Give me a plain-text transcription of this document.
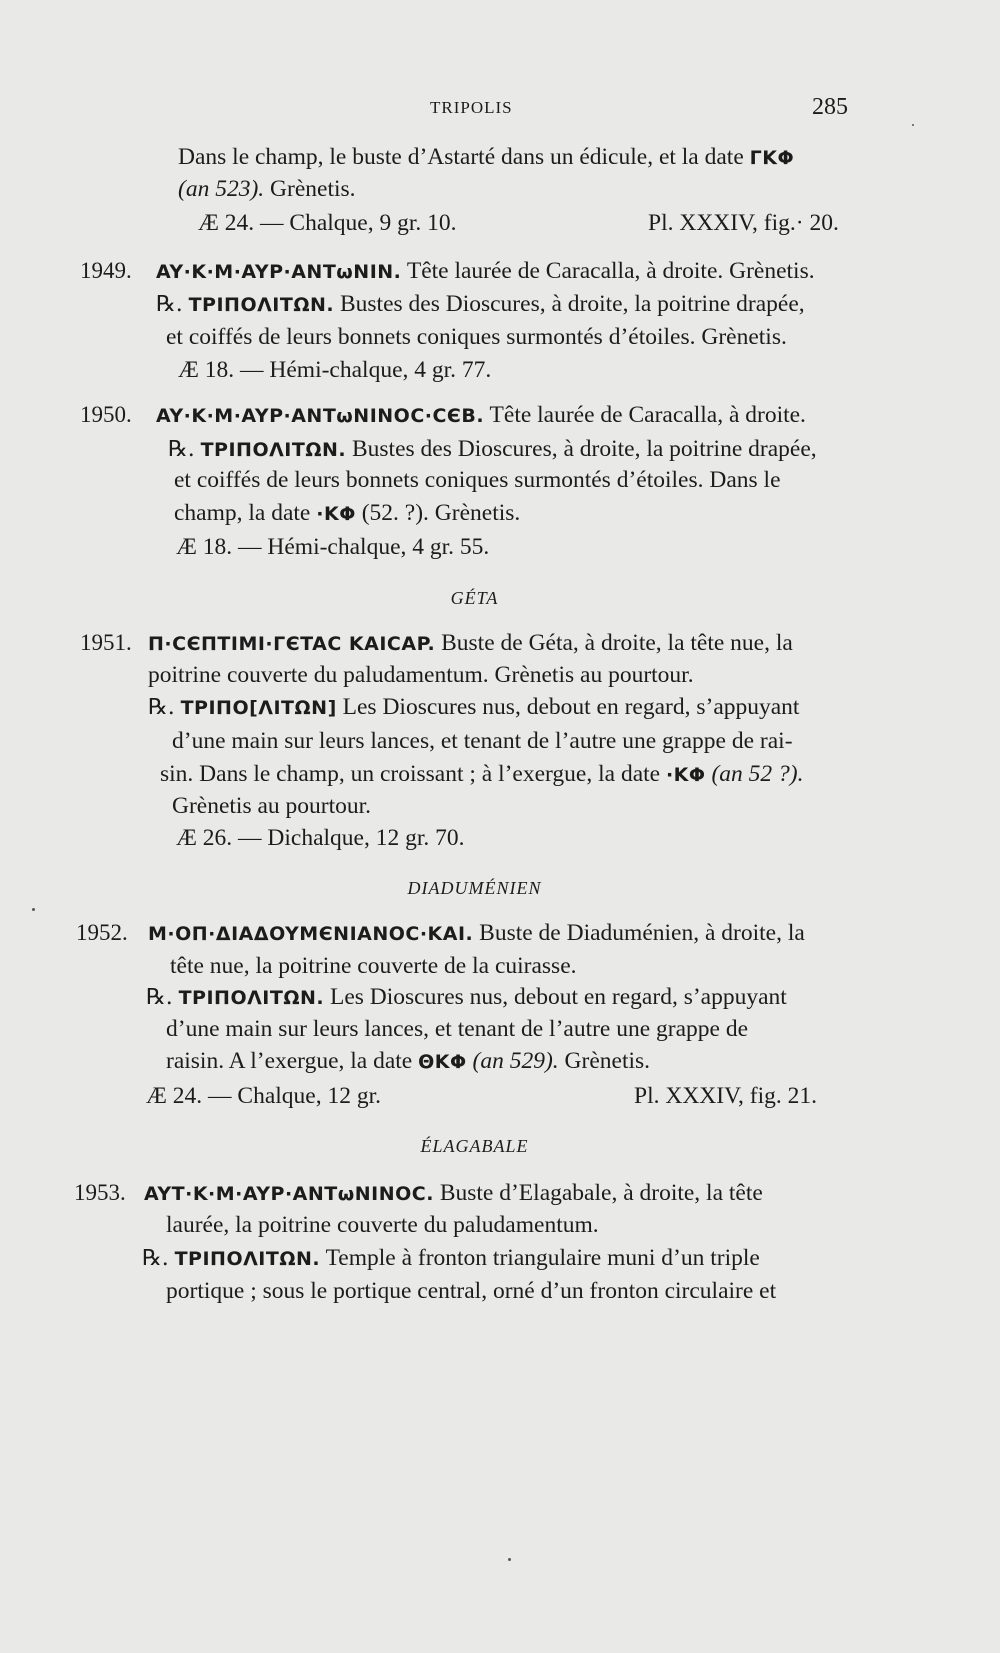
TRIPOLIS	285
Dans le champ, le buste d’Astarté dans un édicule, et la date ΓΚΦ
(an 523). Grènetis.
Æ 24. — Chalque, 9 gr. 10.	Pl. XXXIV, fig.· 20.
1949. AY·K·M·AYP·ANTωNIN. Tête laurée de Caracalla, à droite. Grènetis.
℞. TPIΠOΛITΩN. Bustes des Dioscures, à droite, la poitrine drapée,
et coiffés de leurs bonnets coniques surmontés d’étoiles. Grènetis.
Æ 18. — Hémi-chalque, 4 gr. 77.
1950. AY·K·M·AYP·ANTωNINOC·CЄB. Tête laurée de Caracalla, à droite.
℞. TPIΠOΛITΩN. Bustes des Dioscures, à droite, la poitrine drapée,
et coiffés de leurs bonnets coniques surmontés d’étoiles. Dans le
champ, la date ·KΦ (52. ?). Grènetis.
Æ 18. — Hémi-chalque, 4 gr. 55.
GÉTA
1951. Π·CЄΠTIMI·ΓЄTAC KAICAP. Buste de Géta, à droite, la tête nue, la
poitrine couverte du paludamentum. Grènetis au pourtour.
℞. TPIΠO[ΛITΩN] Les Dioscures nus, debout en regard, s’appuyant
d’une main sur leurs lances, et tenant de l’autre une grappe de rai-
sin. Dans le champ, un croissant ; à l’exergue, la date ·KΦ (an 52 ?).
Grènetis au pourtour.
Æ 26. — Dichalque, 12 gr. 70.
DIADUMÉNIEN
1952. M·OΠ·ΔIAΔOYMЄNIANOC·KAI. Buste de Diaduménien, à droite, la
tête nue, la poitrine couverte de la cuirasse.
℞. TPIΠOΛITΩN. Les Dioscures nus, debout en regard, s’appuyant
d’une main sur leurs lances, et tenant de l’autre une grappe de
raisin. A l’exergue, la date ΘKΦ (an 529). Grènetis.
Æ 24. — Chalque, 12 gr.	Pl. XXXIV, fig. 21.
ÉLAGABALE
1953. AYT·K·M·AYP·ANTωNINOC. Buste d’Elagabale, à droite, la tête
laurée, la poitrine couverte du paludamentum.
℞. TPIΠOΛITΩN. Temple à fronton triangulaire muni d’un triple
portique ; sous le portique central, orné d’un fronton circulaire et
